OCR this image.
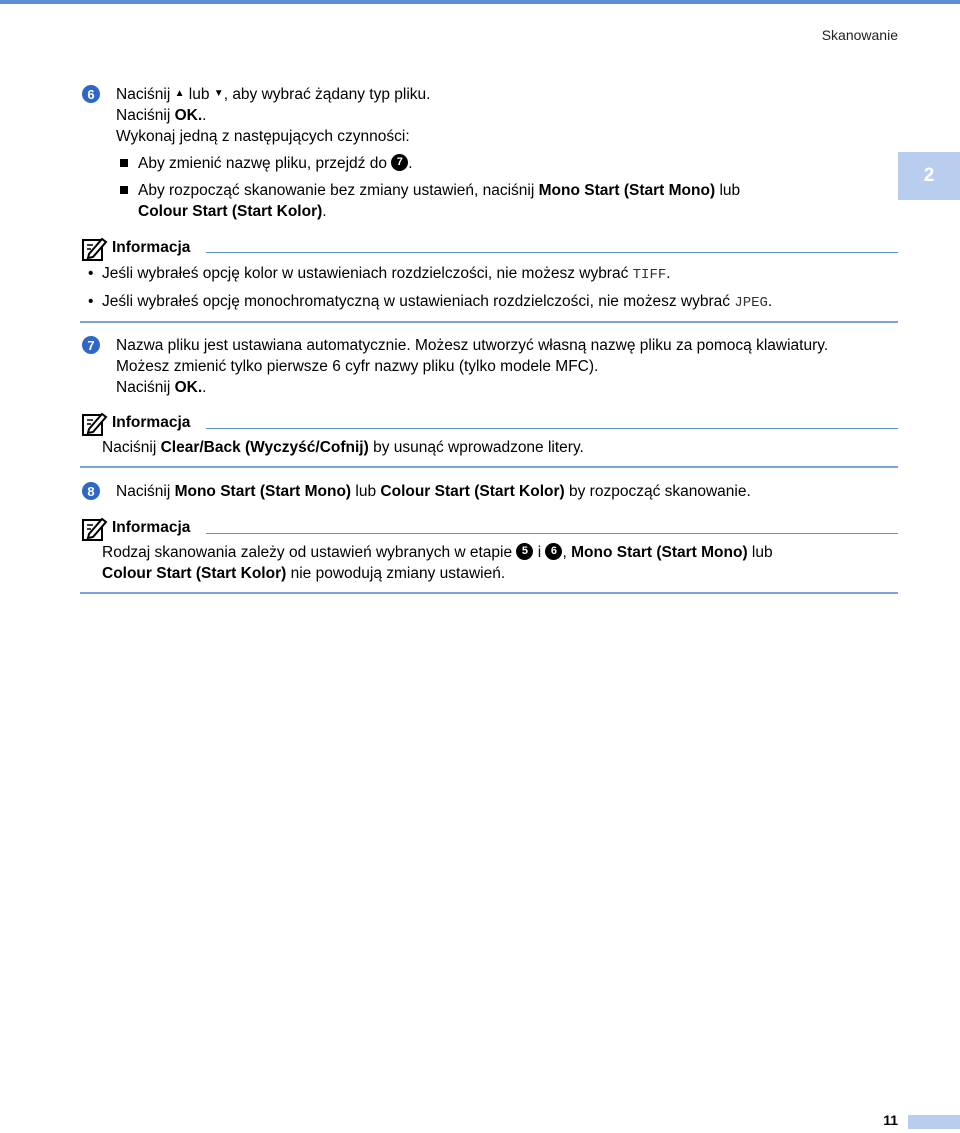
Skanowanie
2
6	Naciśnij ▲ lub ▼, aby wybrać żądany typ pliku.
Naciśnij OK..
Wykonaj jedną z następujących czynności:
Aby zmienić nazwę pliku, przejdź do 7 .
Aby rozpocząć skanowanie bez zmiany ustawień, naciśnij Mono Start (Start Mono) lub
Colour Start (Start Kolor).
Informacja
• Jeśli wybrałeś opcję kolor w ustawieniach rozdzielczości, nie możesz wybrać TIFF.
• Jeśli wybrałeś opcję monochromatyczną w ustawieniach rozdzielczości, nie możesz wybrać JPEG.
7	Nazwa pliku jest ustawiana automatycznie. Możesz utworzyć własną nazwę pliku za pomocą klawiatury.
Możesz zmienić tylko pierwsze 6 cyfr nazwy pliku (tylko modele MFC).
Naciśnij OK..
Informacja
Naciśnij Clear/Back (Wyczyść/Cofnij) by usunąć wprowadzone litery.
8	Naciśnij Mono Start (Start Mono) lub Colour Start (Start Kolor) by rozpocząć skanowanie.
Informacja
Rodzaj skanowania zależy od ustawień wybranych w etapie 5 i 6 , Mono Start (Start Mono) lub
Colour Start (Start Kolor) nie powodują zmiany ustawień.
11
